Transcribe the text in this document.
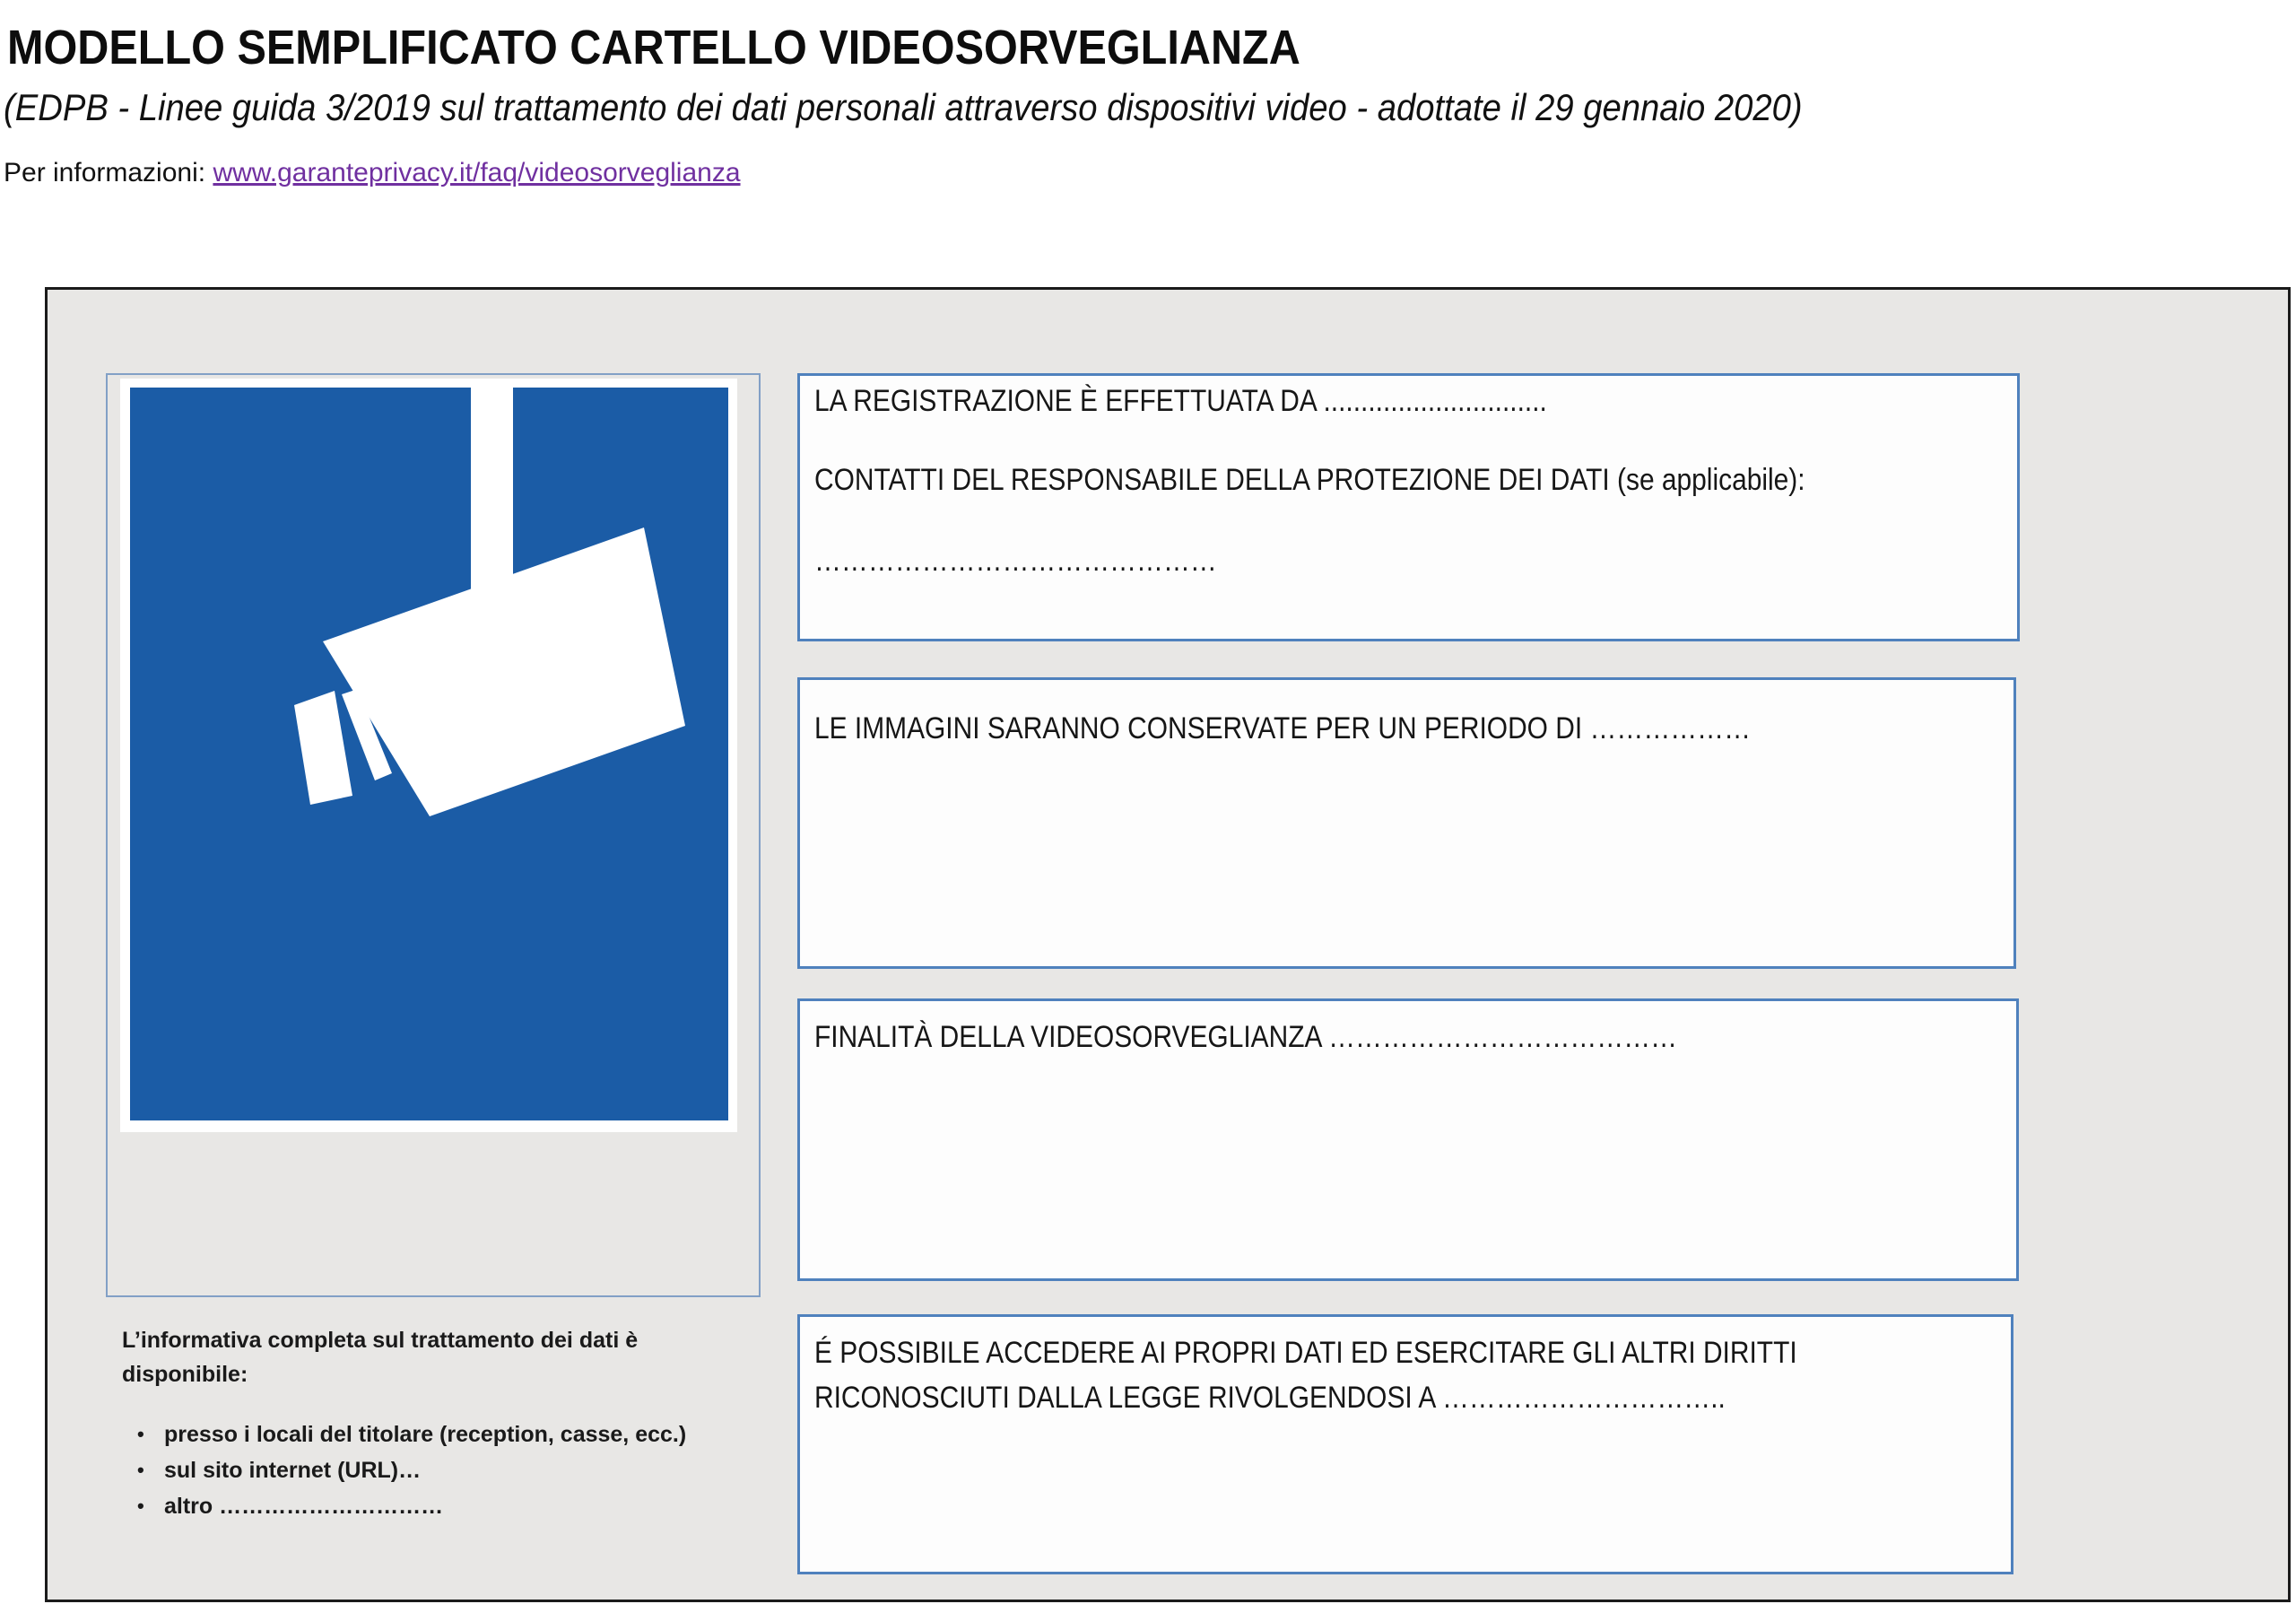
MODELLO SEMPLIFICATO CARTELLO VIDEOSORVEGLIANZA
(EDPB - Linee guida 3/2019 sul trattamento dei dati personali attraverso dispositivi video - adottate il 29 gennaio 2020)
Per informazioni: www.garanteprivacy.it/faq/videosorveglianza
LA REGISTRAZIONE È EFFETTUATA DA ..............................
CONTATTI DEL RESPONSABILE DELLA PROTEZIONE DEI DATI (se applicabile):
………………………………………
LE IMMAGINI SARANNO CONSERVATE PER UN PERIODO DI ………………
FINALITÀ DELLA VIDEOSORVEGLIANZA …………………………………
É POSSIBILE ACCEDERE AI PROPRI DATI ED ESERCITARE GLI ALTRI DIRITTI
RICONOSCIUTI DALLA LEGGE RIVOLGENDOSI A …………………………..
L’informativa completa sul trattamento dei dati è
disponibile:
• presso i locali del titolare (reception, casse, ecc.)
• sul sito internet (URL)…
• altro …………………………
